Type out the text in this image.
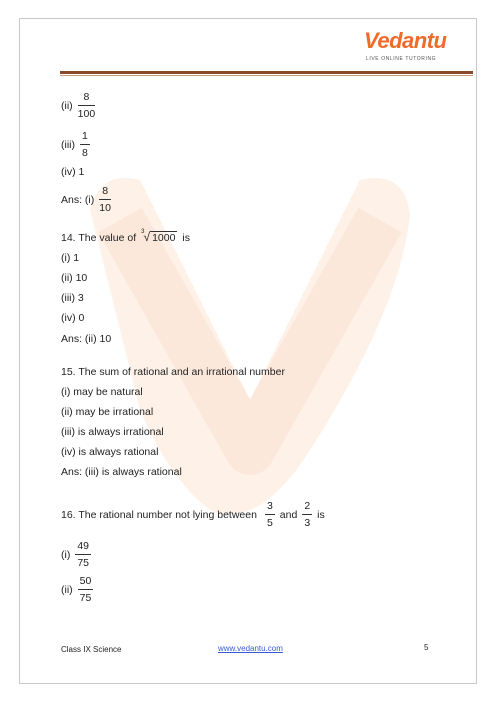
Vedantu
LIVE ONLINE TUTORING
$(ii) \frac{8}{100}$
$(iii) \frac{1}{8}$
(iv) 1
Ans: $(i) \frac{8}{10}$
14. The value of 3 √ 1000 is
(i) 1
(ii) 10
(iii) 3
(iv) 0
Ans: (ii) 10
15. The sum of rational and an irrational number
(i) may be natural
(ii) may be irrational
(iii) is always irrational
(iv) is always rational
Ans: (iii) is always rational
16. The rational number not lying between $\frac{3}{5}$ and $\frac{2}{3}$ is
$(i) \frac{49}{75}$
$(ii) \frac{50}{75}$
Class IX Science	www.vedantu.com	5
